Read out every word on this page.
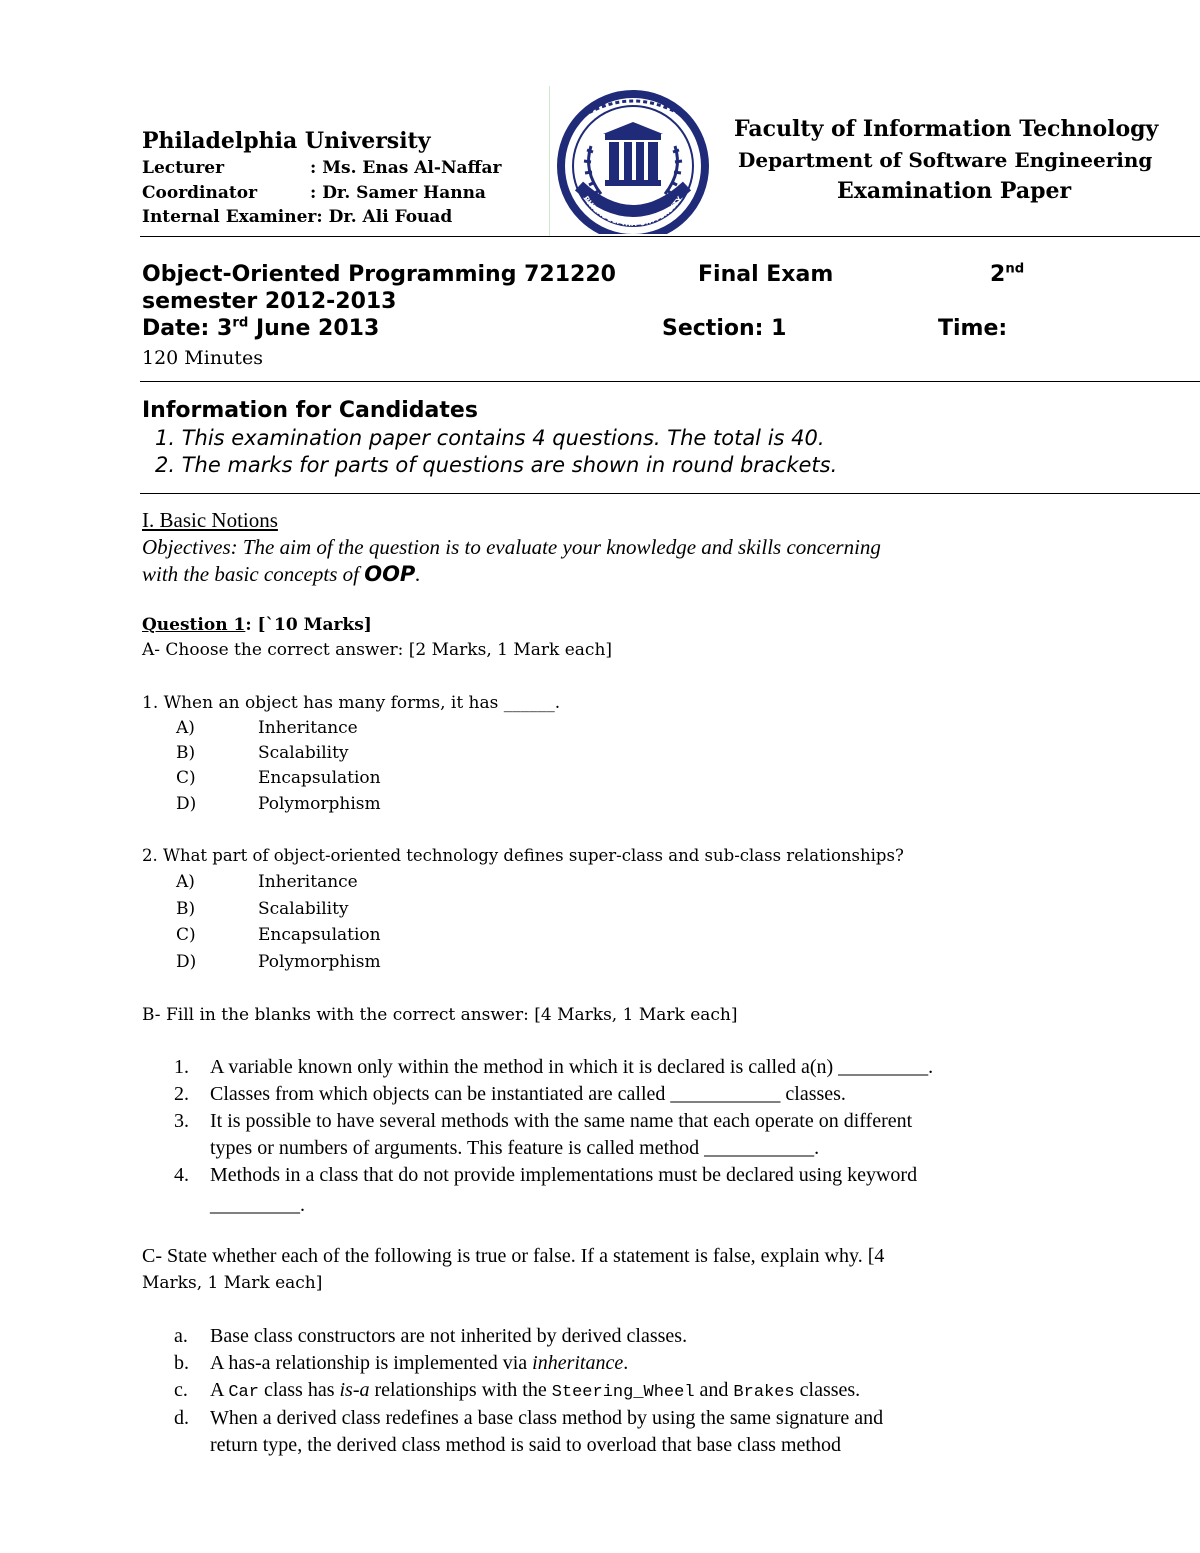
Philadelphia University
Lecturer	: Ms. Enas Al-Naffar
Coordinator	: Dr. Samer Hanna
Internal Examiner: Dr. Ali Fouad
PHILADELPHIA UNIVERSITY
Faculty of Information Technology
Department of Software Engineering
Examination Paper
Object-Oriented Programming 721220	Final Exam	2nd
semester 2012-2013
Date: 3rd June 2013	Section: 1	Time:
120 Minutes
Information for Candidates
1. This examination paper contains 4 questions. The total is 40.
2. The marks for parts of questions are shown in round brackets.
I. Basic Notions
Objectives: The aim of the question is to evaluate your knowledge and skills concerning
with the basic concepts of OOP.
Question 1: [`10 Marks]
A- Choose the correct answer: [2 Marks, 1 Mark each]
1. When an object has many forms, it has ______.
A)	Inheritance
B)	Scalability
C)	Encapsulation
D)	Polymorphism
2. What part of object-oriented technology defines super-class and sub-class relationships?
A)	Inheritance
B)	Scalability
C)	Encapsulation
D)	Polymorphism
B- Fill in the blanks with the correct answer: [4 Marks, 1 Mark each]
1. A variable known only within the method in which it is declared is called a(n) _________.
2. Classes from which objects can be instantiated are called ___________ classes.
3. It is possible to have several methods with the same name that each operate on different
types or numbers of arguments. This feature is called method ___________.
4. Methods in a class that do not provide implementations must be declared using keyword
_________.
C- State whether each of the following is true or false. If a statement is false, explain why. [4
Marks, 1 Mark each]
a. Base class constructors are not inherited by derived classes.
b. A has-a relationship is implemented via inheritance.
c. A Car class has is-a relationships with the Steering_Wheel and Brakes classes.
d. When a derived class redefines a base class method by using the same signature and
return type, the derived class method is said to overload that base class method
